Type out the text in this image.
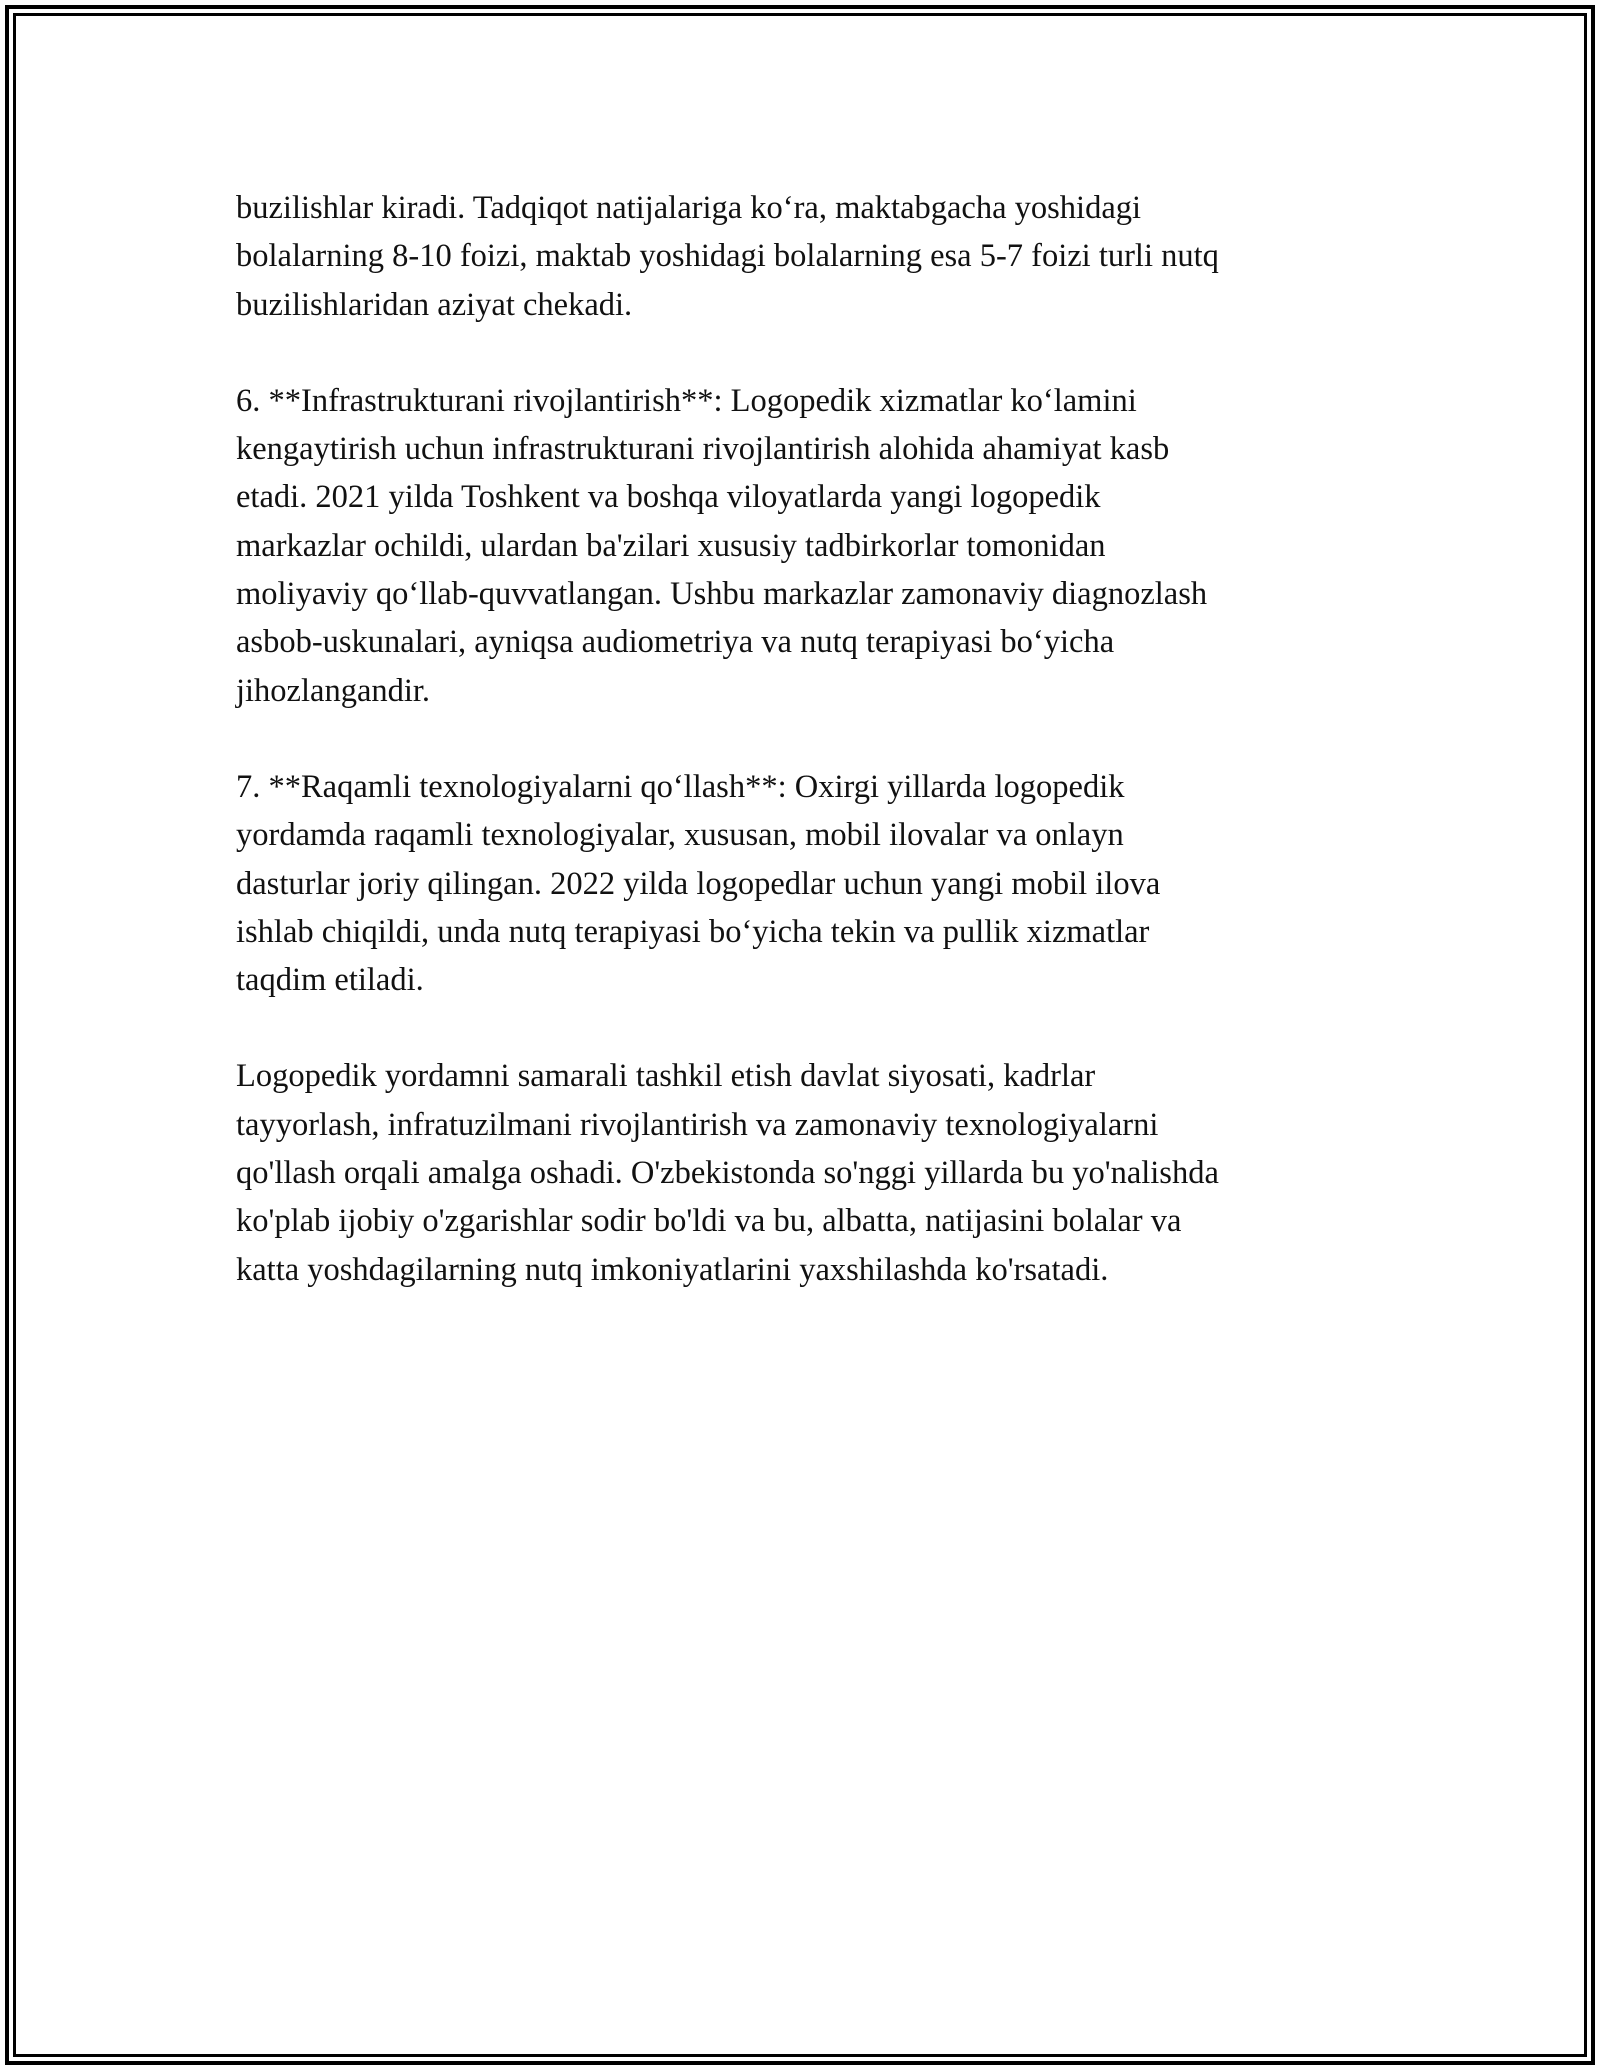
buzilishlar kiradi. Tadqiqot natijalariga ko‘ra, maktabgacha yoshidagi
bolalarning 8-10 foizi, maktab yoshidagi bolalarning esa 5-7 foizi turli nutq
buzilishlaridan aziyat chekadi.

6. **Infrastrukturani rivojlantirish**: Logopedik xizmatlar ko‘lamini
kengaytirish uchun infrastrukturani rivojlantirish alohida ahamiyat kasb
etadi. 2021 yilda Toshkent va boshqa viloyatlarda yangi logopedik
markazlar ochildi, ulardan ba'zilari xususiy tadbirkorlar tomonidan
moliyaviy qo‘llab-quvvatlangan. Ushbu markazlar zamonaviy diagnozlash
asbob-uskunalari, ayniqsa audiometriya va nutq terapiyasi bo‘yicha
jihozlangandir.

7. **Raqamli texnologiyalarni qo‘llash**: Oxirgi yillarda logopedik
yordamda raqamli texnologiyalar, xususan, mobil ilovalar va onlayn
dasturlar joriy qilingan. 2022 yilda logopedlar uchun yangi mobil ilova
ishlab chiqildi, unda nutq terapiyasi bo‘yicha tekin va pullik xizmatlar
taqdim etiladi.

Logopedik yordamni samarali tashkil etish davlat siyosati, kadrlar
tayyorlash, infratuzilmani rivojlantirish va zamonaviy texnologiyalarni
qo'llash orqali amalga oshadi. O'zbekistonda so'nggi yillarda bu yo'nalishda
ko'plab ijobiy o'zgarishlar sodir bo'ldi va bu, albatta, natijasini bolalar va
katta yoshdagilarning nutq imkoniyatlarini yaxshilashda ko'rsatadi.
